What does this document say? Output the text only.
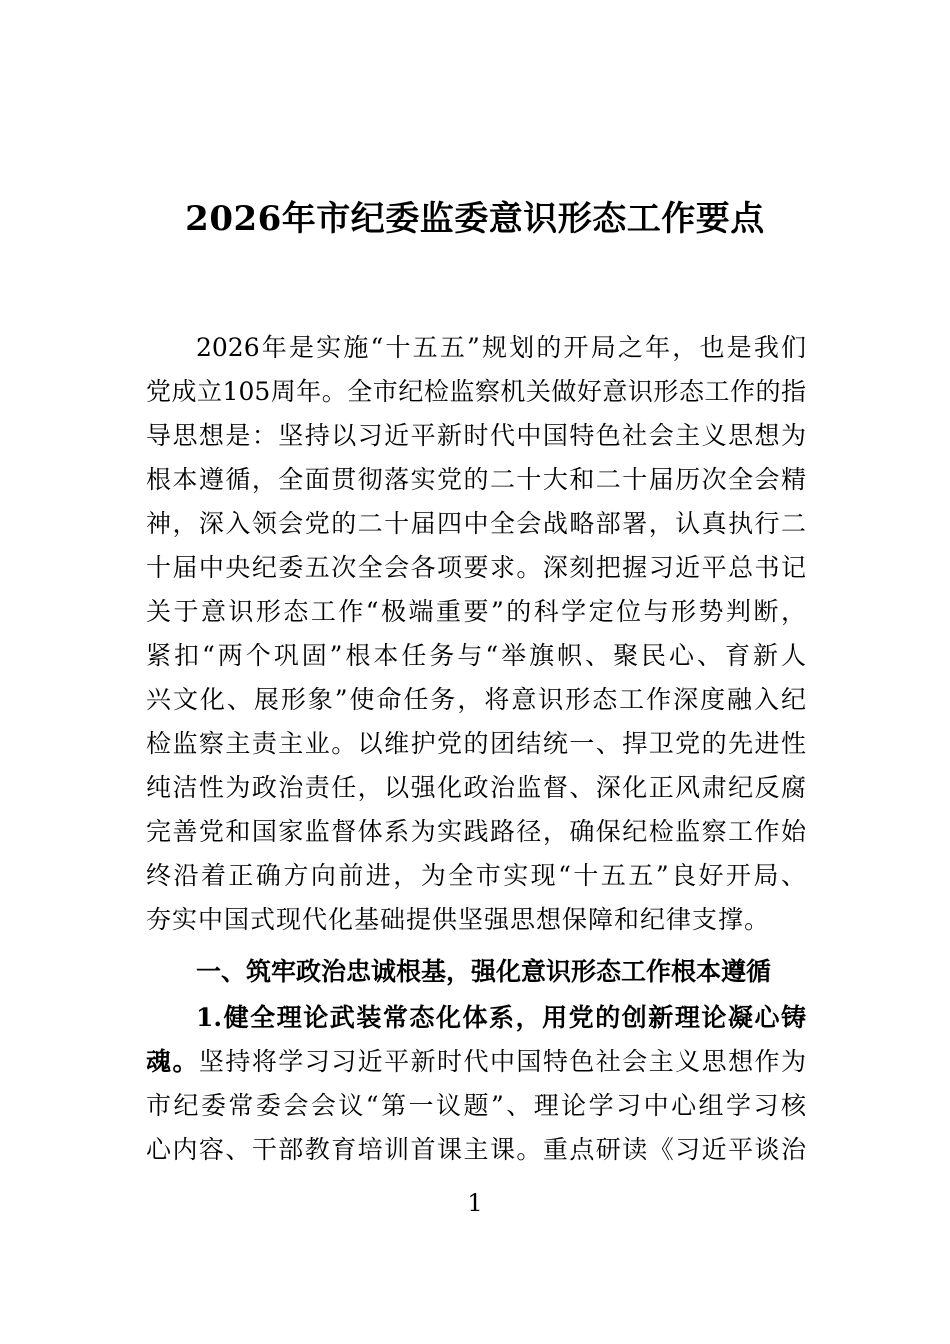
2026年市纪委监委意识形态工作要点
2026年是实施“十五五”规划的开局之年，也是我们
党成立105周年。全市纪检监察机关做好意识形态工作的指
导思想是：坚持以习近平新时代中国特色社会主义思想为
根本遵循，全面贯彻落实党的二十大和二十届历次全会精
神，深入领会党的二十届四中全会战略部署，认真执行二
十届中央纪委五次全会各项要求。深刻把握习近平总书记
关于意识形态工作“极端重要”的科学定位与形势判断，
紧扣“两个巩固”根本任务与“举旗帜、聚民心、育新人
兴文化、展形象”使命任务，将意识形态工作深度融入纪
检监察主责主业。以维护党的团结统一、捍卫党的先进性
纯洁性为政治责任，以强化政治监督、深化正风肃纪反腐
完善党和国家监督体系为实践路径，确保纪检监察工作始
终沿着正确方向前进，为全市实现“十五五”良好开局、
夯实中国式现代化基础提供坚强思想保障和纪律支撑。
一、筑牢政治忠诚根基，强化意识形态工作根本遵循
1.健全理论武装常态化体系，用党的创新理论凝心铸
魂。坚持将学习习近平新时代中国特色社会主义思想作为
市纪委常委会会议“第一议题”、理论学习中心组学习核
心内容、干部教育培训首课主课。重点研读《习近平谈治
1
